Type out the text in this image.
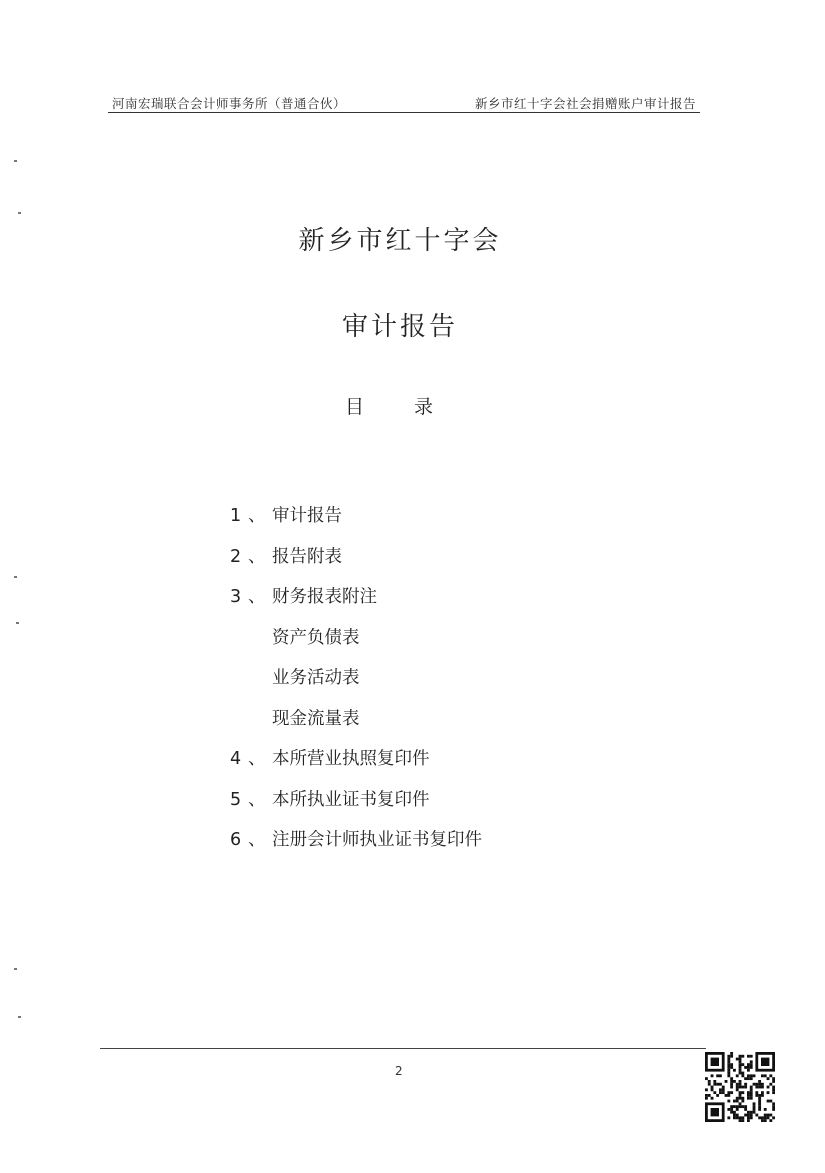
河南宏瑞联合会计师事务所（普通合伙）	新乡市红十字会社会捐赠账户审计报告
新乡市红十字会
审计报告
目 录
1 、 审计报告
2 、 报告附表
3 、 财务报表附注
资产负债表
业务活动表
现金流量表
4 、 本所营业执照复印件
5 、 本所执业证书复印件
6 、 注册会计师执业证书复印件
2
